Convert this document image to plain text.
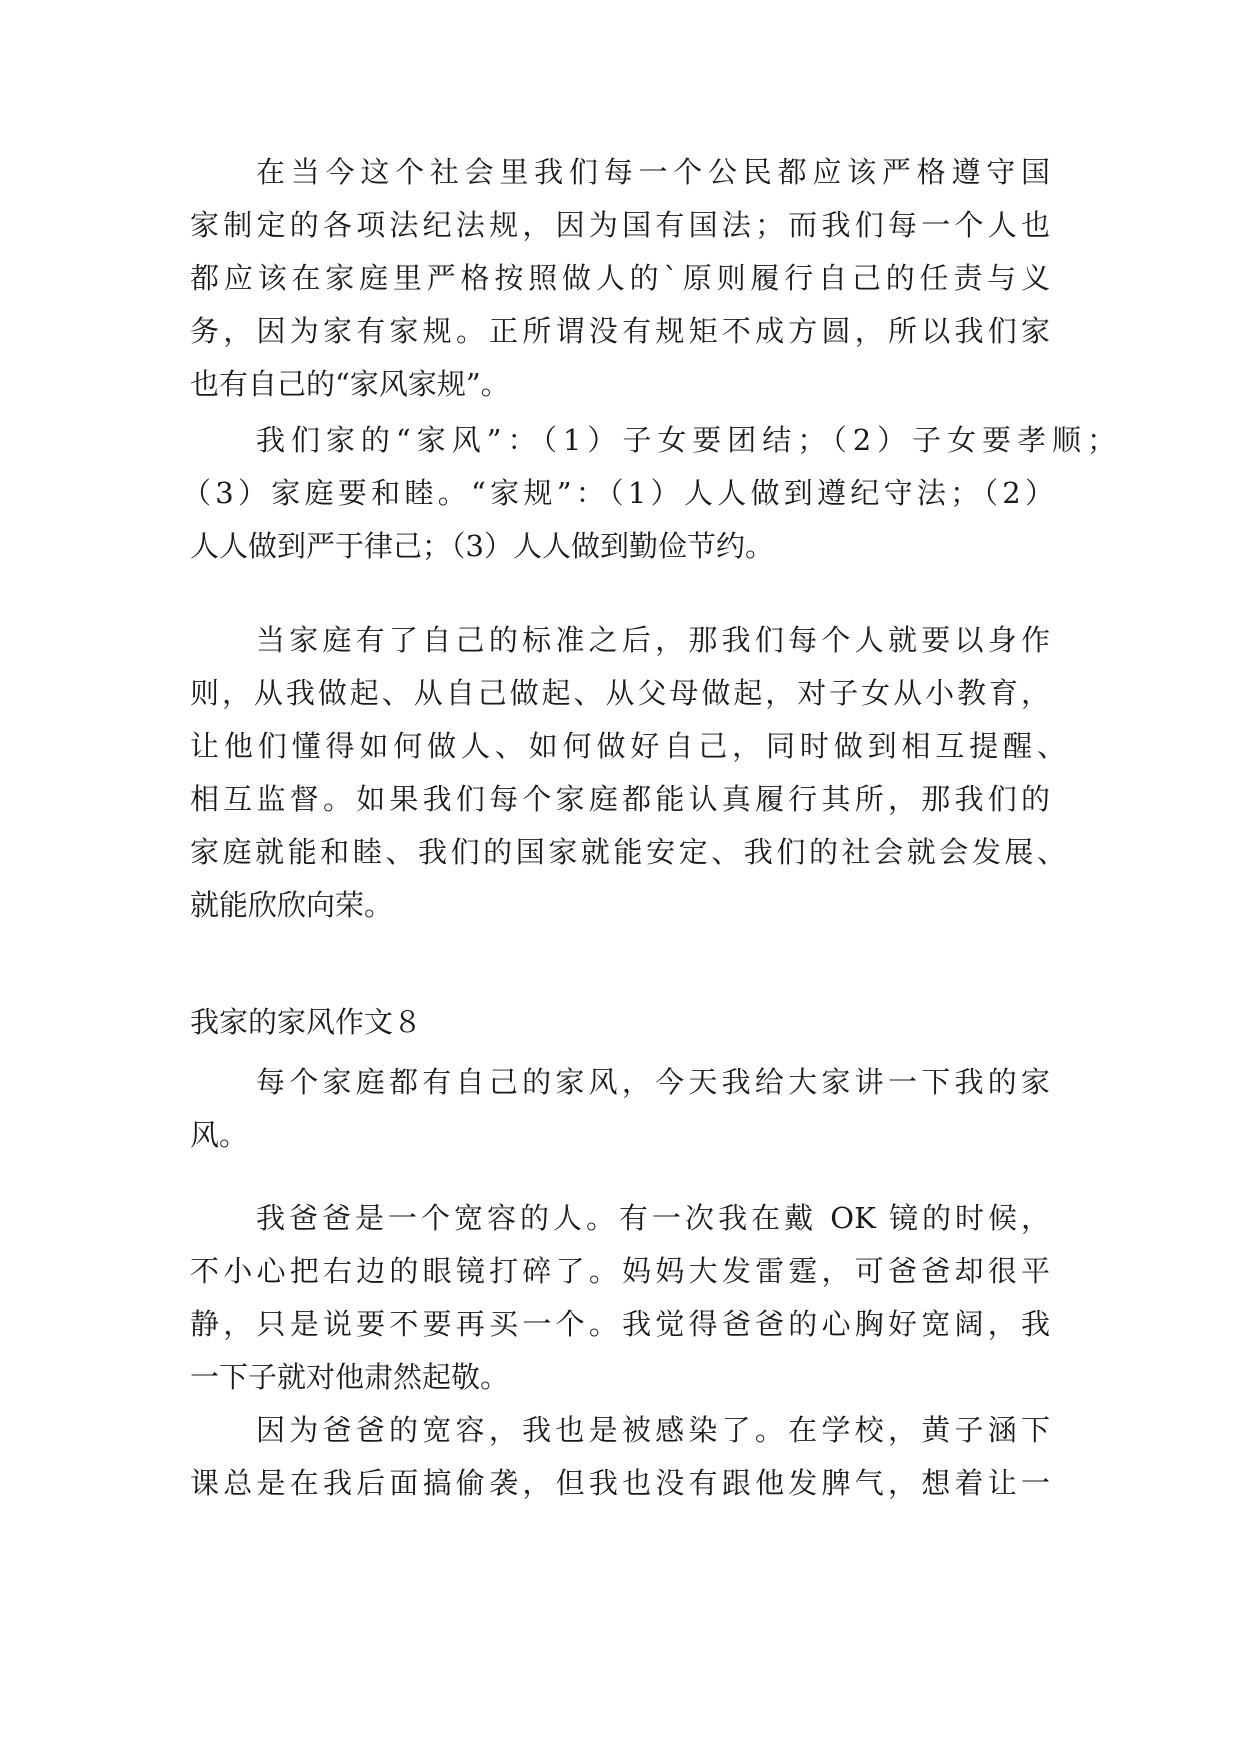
在当今这个社会里我们每一个公民都应该严格遵守国
家制定的各项法纪法规，因为国有国法；而我们每一个人也
都应该在家庭里严格按照做人的`原则履行自己的任责与义
务，因为家有家规。正所谓没有规矩不成方圆，所以我们家
也有自己的“家风家规”。
我们家的“家风”：（1）子女要团结；（2）子女要孝顺；
（3）家庭要和睦。“家规”：（1）人人做到遵纪守法；（2）
人人做到严于律己；（3）人人做到勤俭节约。
当家庭有了自己的标准之后，那我们每个人就要以身作
则，从我做起、从自己做起、从父母做起，对子女从小教育，
让他们懂得如何做人、如何做好自己，同时做到相互提醒、
相互监督。如果我们每个家庭都能认真履行其所，那我们的
家庭就能和睦、我们的国家就能安定、我们的社会就会发展、
就能欣欣向荣。
我家的家风作文８
每个家庭都有自己的家风，今天我给大家讲一下我的家
风。
我爸爸是一个宽容的人。有一次我在戴 OK 镜的时候，
不小心把右边的眼镜打碎了。妈妈大发雷霆，可爸爸却很平
静，只是说要不要再买一个。我觉得爸爸的心胸好宽阔，我
一下子就对他肃然起敬。
因为爸爸的宽容，我也是被感染了。在学校，黄子涵下
课总是在我后面搞偷袭，但我也没有跟他发脾气，想着让一
